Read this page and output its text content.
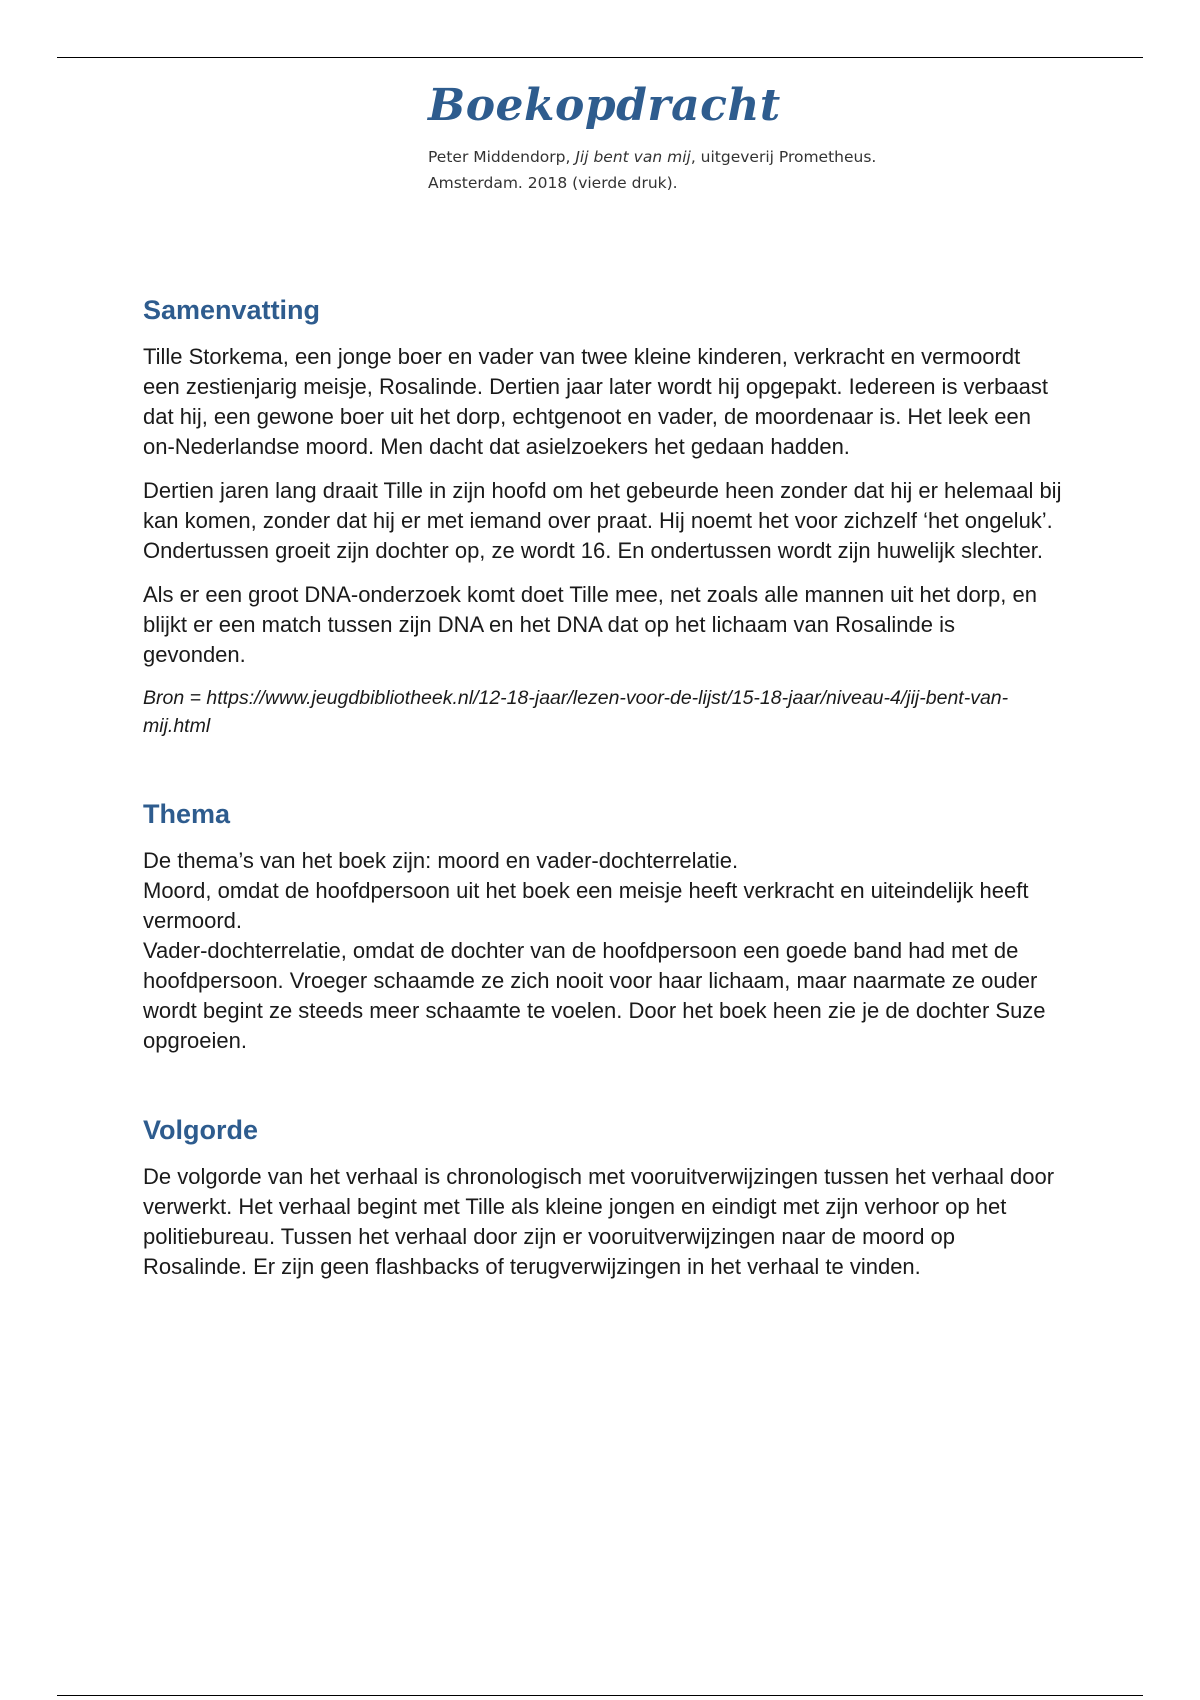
Boekopdracht
Peter Middendorp, Jij bent van mij, uitgeverij Prometheus.
Amsterdam. 2018 (vierde druk).
Samenvatting

Tille Storkema, een jonge boer en vader van twee kleine kinderen, verkracht en vermoordt een zestienjarig meisje, Rosalinde. Dertien jaar later wordt hij opgepakt. Iedereen is verbaast dat hij, een gewone boer uit het dorp, echtgenoot en vader, de moordenaar is. Het leek een on-Nederlandse moord. Men dacht dat asielzoekers het gedaan hadden.

Dertien jaren lang draait Tille in zijn hoofd om het gebeurde heen zonder dat hij er helemaal bij kan komen, zonder dat hij er met iemand over praat. Hij noemt het voor zichzelf ‘het ongeluk’. Ondertussen groeit zijn dochter op, ze wordt 16. En ondertussen wordt zijn huwelijk slechter.

Als er een groot DNA-onderzoek komt doet Tille mee, net zoals alle mannen uit het dorp, en blijkt er een match tussen zijn DNA en het DNA dat op het lichaam van Rosalinde is gevonden.

Bron = https://www.jeugdbibliotheek.nl/12-18-jaar/lezen-voor-de-lijst/15-18-jaar/niveau-4/jij-bent-van-mij.html

Thema

De thema’s van het boek zijn: moord en vader-dochterrelatie.
Moord, omdat de hoofdpersoon uit het boek een meisje heeft verkracht en uiteindelijk heeft vermoord.
Vader-dochterrelatie, omdat de dochter van de hoofdpersoon een goede band had met de hoofdpersoon. Vroeger schaamde ze zich nooit voor haar lichaam, maar naarmate ze ouder wordt begint ze steeds meer schaamte te voelen. Door het boek heen zie je de dochter Suze opgroeien.

Volgorde

De volgorde van het verhaal is chronologisch met vooruitverwijzingen tussen het verhaal door verwerkt. Het verhaal begint met Tille als kleine jongen en eindigt met zijn verhoor op het politiebureau. Tussen het verhaal door zijn er vooruitverwijzingen naar de moord op Rosalinde. Er zijn geen flashbacks of terugverwijzingen in het verhaal te vinden.
